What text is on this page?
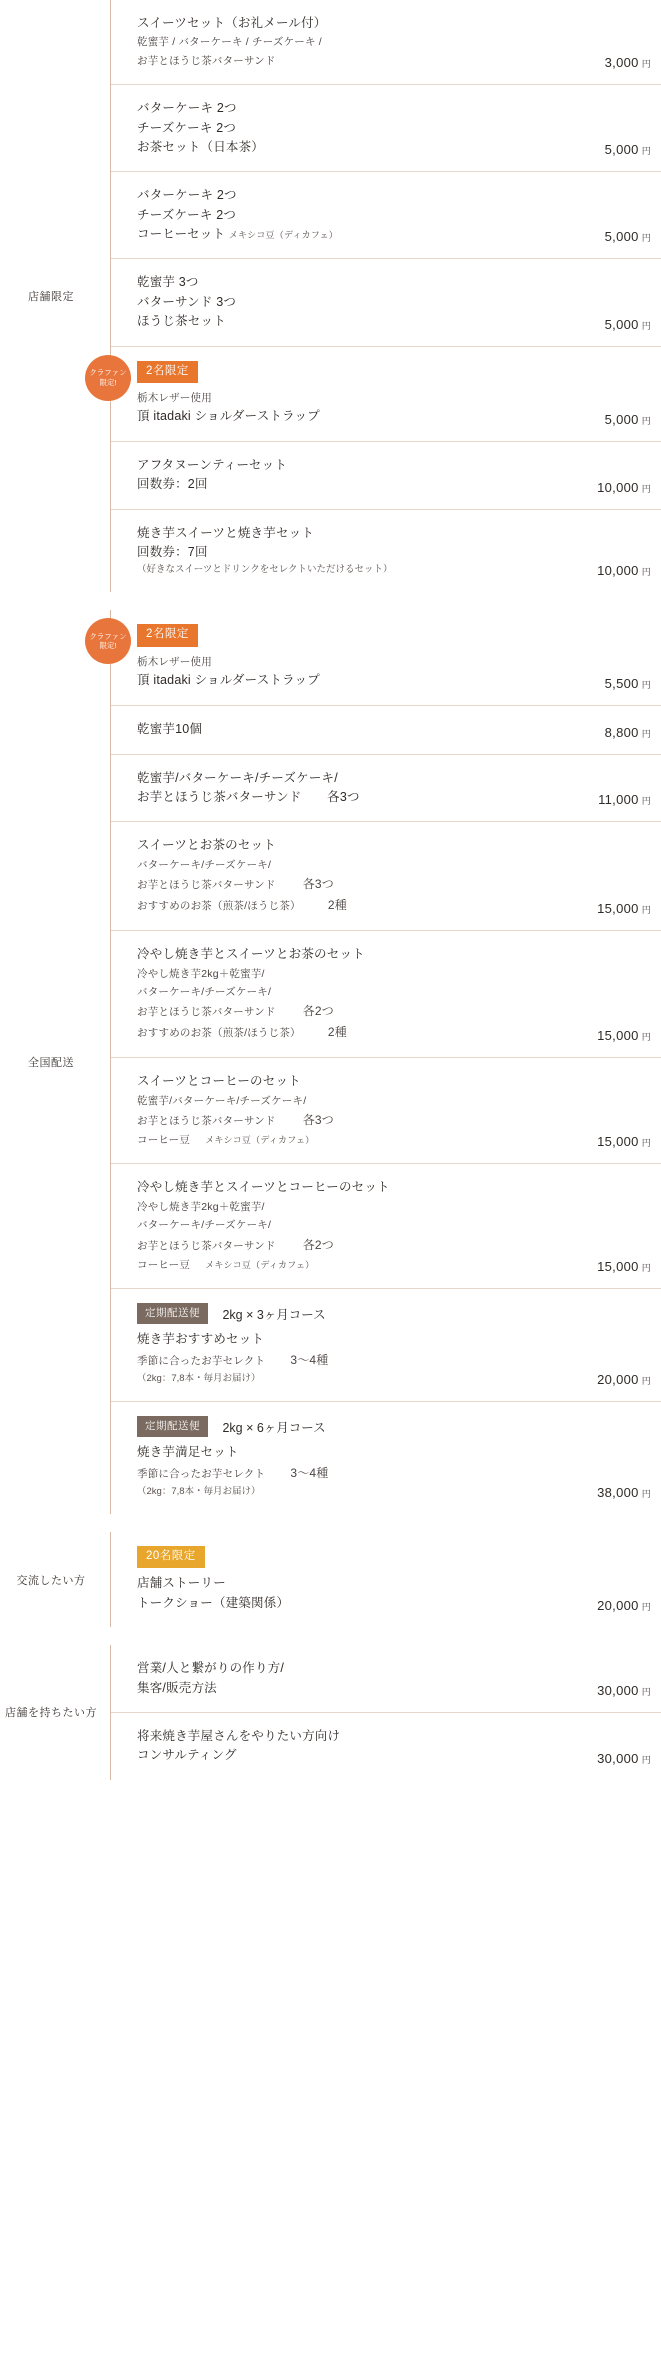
店舗限定
スイーツセット（お礼メール付）
乾蜜芋 / バターケーキ / チーズケーキ /
お芋とほうじ茶バターサンド	3,000 円
バターケーキ 2つ
チーズケーキ 2つ
お茶セット（日本茶）	5,000 円
バターケーキ 2つ
チーズケーキ 2つ
コーヒーセット メキシコ豆（ディカフェ）	5,000 円
乾蜜芋 3つ
バターサンド 3つ
ほうじ茶セット	5,000 円
クラファン
限定!
2名限定
栃木レザー使用
頂 itadaki ショルダーストラップ	5,000 円
アフタヌーンティーセット
回数券：2回	10,000 円
焼き芋スイーツと焼き芋セット
回数券：7回
（好きなスイーツとドリンクをセレクトいただけるセット）	10,000 円
全国配送
クラファン
限定!
2名限定
栃木レザー使用
頂 itadaki ショルダーストラップ	5,500 円
乾蜜芋10個	8,800 円
乾蜜芋/バターケーキ/チーズケーキ/
お芋とほうじ茶バターサンド 各3つ	11,000 円
スイーツとお茶のセット
バターケーキ/チーズケーキ/
お芋とほうじ茶バターサンド 各3つ
おすすめのお茶（煎茶/ほうじ茶） 2種	15,000 円
冷やし焼き芋とスイーツとお茶のセット
冷やし焼き芋2kg＋乾蜜芋/
バターケーキ/チーズケーキ/
お芋とほうじ茶バターサンド 各2つ
おすすめのお茶（煎茶/ほうじ茶） 2種	15,000 円
スイーツとコーヒーのセット
乾蜜芋/バターケーキ/チーズケーキ/
お芋とほうじ茶バターサンド 各3つ
コーヒー豆 メキシコ豆（ディカフェ）	15,000 円
冷やし焼き芋とスイーツとコーヒーのセット
冷やし焼き芋2kg＋乾蜜芋/
バターケーキ/チーズケーキ/
お芋とほうじ茶バターサンド 各2つ
コーヒー豆 メキシコ豆（ディカフェ）	15,000 円
定期配送便 2kg × 3ヶ月コース
焼き芋おすすめセット
季節に合ったお芋セレクト 3〜4種
（2kg：7,8本・毎月お届け）	20,000 円
定期配送便 2kg × 6ヶ月コース
焼き芋満足セット
季節に合ったお芋セレクト 3〜4種
（2kg：7,8本・毎月お届け）	38,000 円
交流したい方
20名限定
店舗ストーリー
トークショー（建築関係）	20,000 円
店舗を持ちたい方
営業/人と繋がりの作り方/
集客/販売方法	30,000 円
将来焼き芋屋さんをやりたい方向け
コンサルティング	30,000 円
